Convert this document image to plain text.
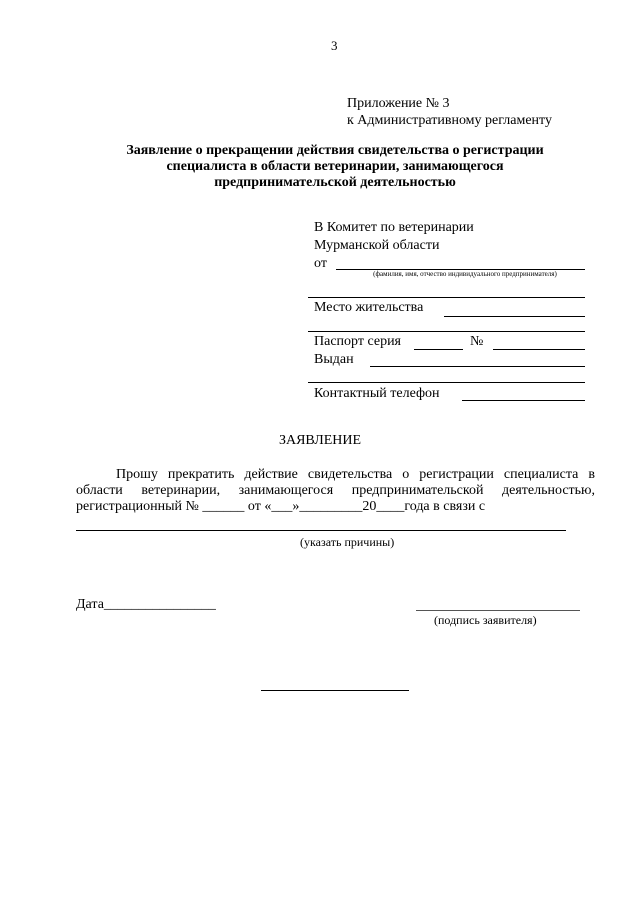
3
Приложение № 3
к Административному регламенту
Заявление о прекращении действия свидетельства о регистрации специалиста в области ветеринарии, занимающегося предпринимательской деятельностью
В Комитет по ветеринарии
Мурманской области
от
(фамилия, имя, отчество индивидуального предпринимателя)
Место жительства
Паспорт серия	№
Выдан
Контактный телефон
ЗАЯВЛЕНИЕ
Прошу прекратить действие свидетельства о регистрации специалиста в области ветеринарии, занимающегося предпринимательской деятельностью, регистрационный № ______ от «___»_________20____года в связи с
(указать причины)
Дата________________
(подпись заявителя)
